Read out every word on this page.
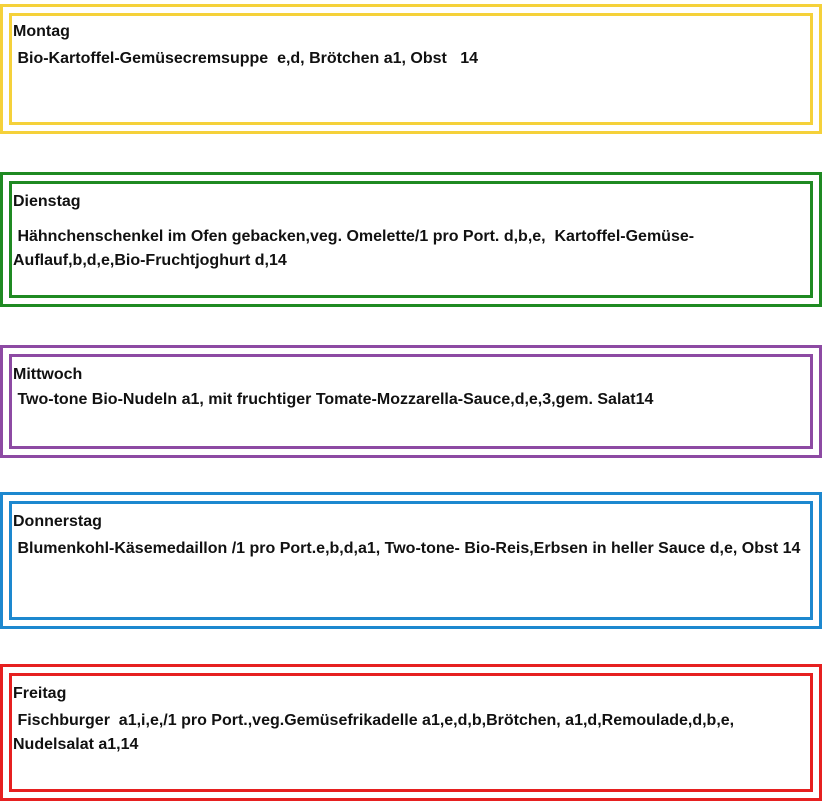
Montag
Bio-Kartoffel-Gemüsecremsuppe  e,d, Brötchen a1, Obst   14
Dienstag
Hähnchenschenkel im Ofen gebacken,veg. Omelette/1 pro Port. d,b,e,  Kartoffel-Gemüse-Auflauf,b,d,e,Bio-Fruchtjoghurt d,14
Mittwoch
Two-tone Bio-Nudeln a1, mit fruchtiger Tomate-Mozzarella-Sauce,d,e,3,gem. Salat14
Donnerstag
Blumenkohl-Käsemedaillon /1 pro Port.e,b,d,a1, Two-tone- Bio-Reis,Erbsen in heller Sauce d,e, Obst 14
Freitag
Fischburger  a1,i,e,/1 pro Port.,veg.Gemüsefrikadelle a1,e,d,b,Brötchen, a1,d,Remoulade,d,b,e, Nudelsalat a1,14
